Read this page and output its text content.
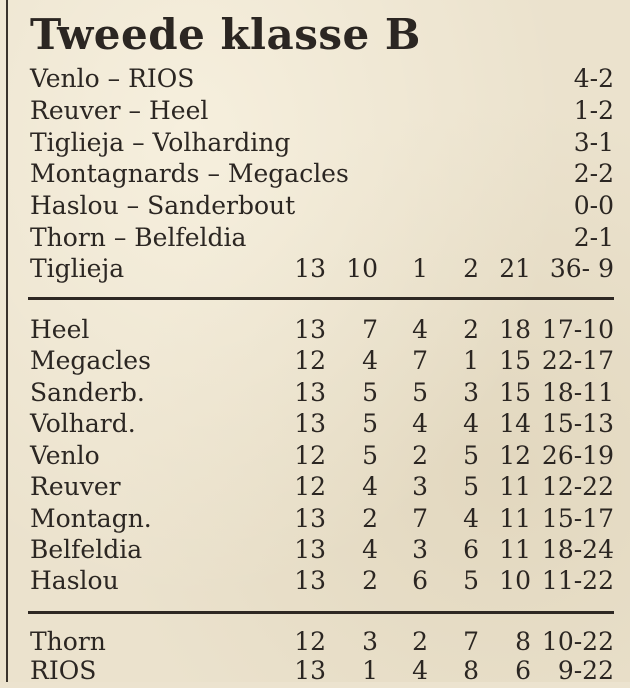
Tweede klasse B
Venlo – RIOS	4-2
Reuver – Heel	1-2
Tiglieja – Volharding	3-1
Montagnards – Megacles	2-2
Haslou – Sanderbout	0-0
Thorn – Belfeldia	2-1
Tiglieja	13 10 1 2 21 36- 9
Heel	13 7 4 2 18 17-10
Megacles	12 4 7 1 15 22-17
Sanderb.	13 5 5 3 15 18-11
Volhard.	13 5 4 4 14 15-13
Venlo	12 5 2 5 12 26-19
Reuver	12 4 3 5 11 12-22
Montagn.	13 2 7 4 11 15-17
Belfeldia	13 4 3 6 11 18-24
Haslou	13 2 6 5 10 11-22
Thorn	12 3 2 7 8 10-22
RIOS	13 1 4 8 6 9-22
